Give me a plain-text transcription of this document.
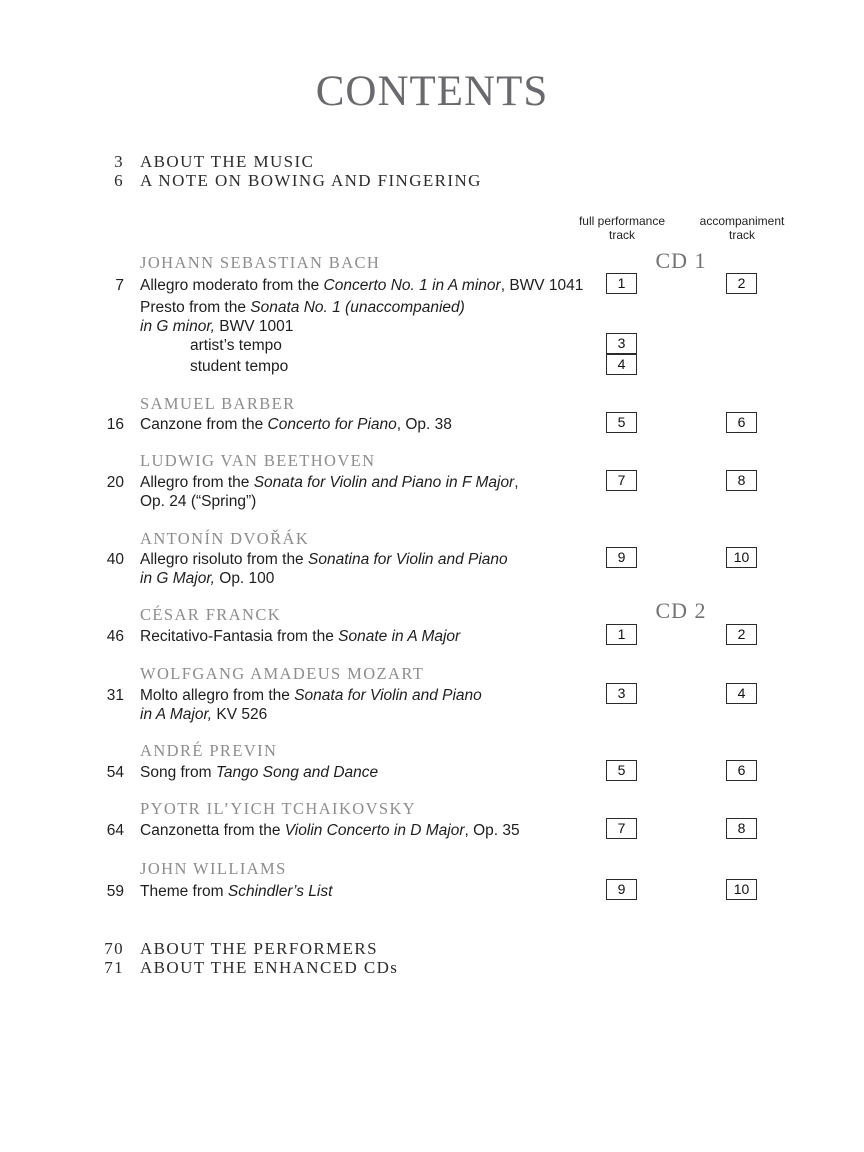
CONTENTS
3 ABOUT THE MUSIC
6 A NOTE ON BOWING AND FINGERING
full performance
track
accompaniment
track
CD 1
JOHANN SEBASTIAN BACH
7 Allegro moderato from the Concerto No. 1 in A minor, BWV 1041	1	2
Presto from the Sonata No. 1 (unaccompanied)
in G minor, BWV 1001
artist’s tempo	3
student tempo	4
SAMUEL BARBER
16 Canzone from the Concerto for Piano, Op. 38	5	6
LUDWIG VAN BEETHOVEN
20 Allegro from the Sonata for Violin and Piano in F Major,	7	8
Op. 24 (“Spring”)
ANTONÍN DVOŘÁK
40 Allegro risoluto from the Sonatina for Violin and Piano	9	10
in G Major, Op. 100
CD 2
CÉSAR FRANCK
46 Recitativo-Fantasia from the Sonate in A Major	1	2
WOLFGANG AMADEUS MOZART
31 Molto allegro from the Sonata for Violin and Piano	3	4
in A Major, KV 526
ANDRÉ PREVIN
54 Song from Tango Song and Dance	5	6
PYOTR IL’YICH TCHAIKOVSKY
64 Canzonetta from the Violin Concerto in D Major, Op. 35	7	8
JOHN WILLIAMS
59 Theme from Schindler’s List	9	10
70 ABOUT THE PERFORMERS
71 ABOUT THE ENHANCED CDs
